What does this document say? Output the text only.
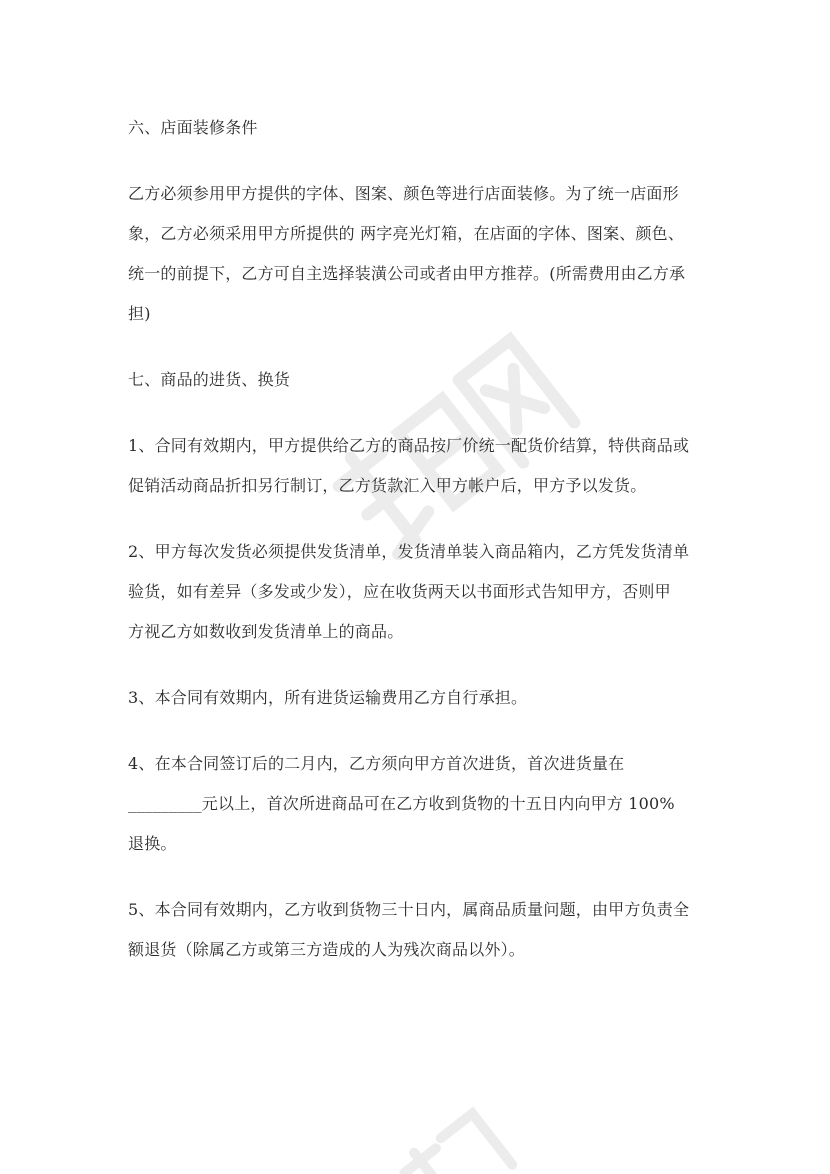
六、店面装修条件

乙方必须参用甲方提供的字体、图案、颜色等进行店面装修。为了统一店面形

象，乙方必须采用甲方所提供的 两字亮光灯箱，在店面的字体、图案、颜色、

统一的前提下，乙方可自主选择装潢公司或者由甲方推荐。(所需费用由乙方承

担)

七、商品的进货、换货

1、合同有效期内，甲方提供给乙方的商品按厂价统一配货价结算，特供商品或

促销活动商品折扣另行制订，乙方货款汇入甲方帐户后，甲方予以发货。

2、甲方每次发货必须提供发货清单，发货清单装入商品箱内，乙方凭发货清单

验货，如有差异（多发或少发），应在收货两天以书面形式告知甲方，否则甲

方视乙方如数收到发货清单上的商品。

3、本合同有效期内，所有进货运输费用乙方自行承担。

4、在本合同签订后的二月内，乙方须向甲方首次进货，首次进货量在

_________元以上，首次所进商品可在乙方收到货物的十五日内向甲方 100%

退换。

5、本合同有效期内，乙方收到货物三十日内，属商品质量问题，由甲方负责全

额退货（除属乙方或第三方造成的人为残次商品以外）。
